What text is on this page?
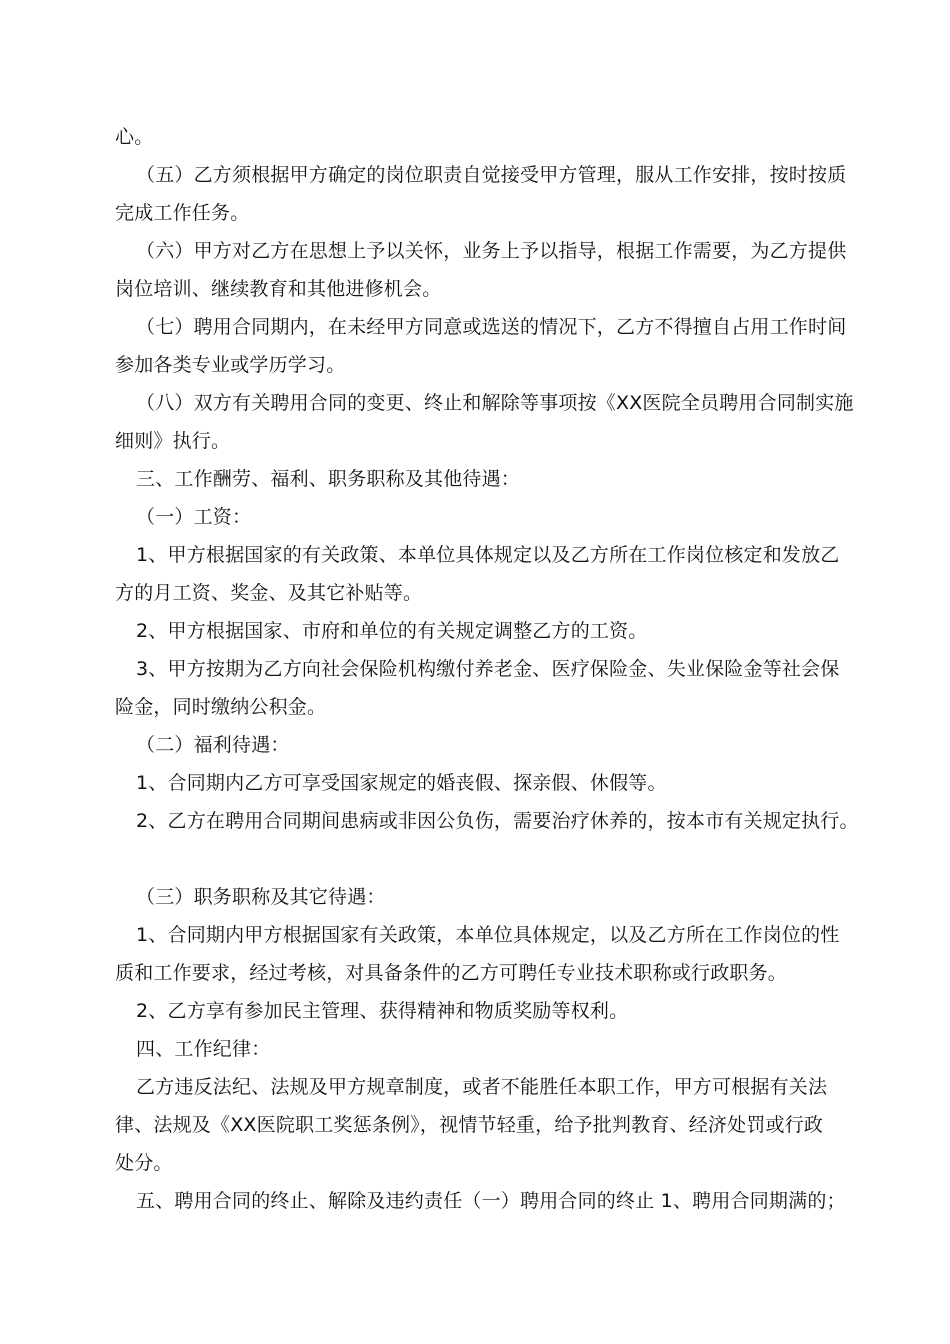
心。
（五）乙方须根据甲方确定的岗位职责自觉接受甲方管理，服从工作安排，按时按质
完成工作任务。
（六）甲方对乙方在思想上予以关怀，业务上予以指导，根据工作需要，为乙方提供
岗位培训、继续教育和其他进修机会。
（七）聘用合同期内，在未经甲方同意或选送的情况下，乙方不得擅自占用工作时间
参加各类专业或学历学习。
（八）双方有关聘用合同的变更、终止和解除等事项按《XX医院全员聘用合同制实施
细则》执行。
三、工作酬劳、福利、职务职称及其他待遇：
（一）工资：
1、甲方根据国家的有关政策、本单位具体规定以及乙方所在工作岗位核定和发放乙
方的月工资、奖金、及其它补贴等。
2、甲方根据国家、市府和单位的有关规定调整乙方的工资。
3、甲方按期为乙方向社会保险机构缴付养老金、医疗保险金、失业保险金等社会保
险金，同时缴纳公积金。
（二）福利待遇：
1、合同期内乙方可享受国家规定的婚丧假、探亲假、休假等。
2、乙方在聘用合同期间患病或非因公负伤，需要治疗休养的，按本市有关规定执行。
（三）职务职称及其它待遇：
1、合同期内甲方根据国家有关政策，本单位具体规定，以及乙方所在工作岗位的性
质和工作要求，经过考核，对具备条件的乙方可聘任专业技术职称或行政职务。
2、乙方享有参加民主管理、获得精神和物质奖励等权利。
四、工作纪律：
乙方违反法纪、法规及甲方规章制度，或者不能胜任本职工作，甲方可根据有关法
律、法规及《XX医院职工奖惩条例》，视情节轻重，给予批判教育、经济处罚或行政
处分。
五、聘用合同的终止、解除及违约责任（一）聘用合同的终止 1、聘用合同期满的；
